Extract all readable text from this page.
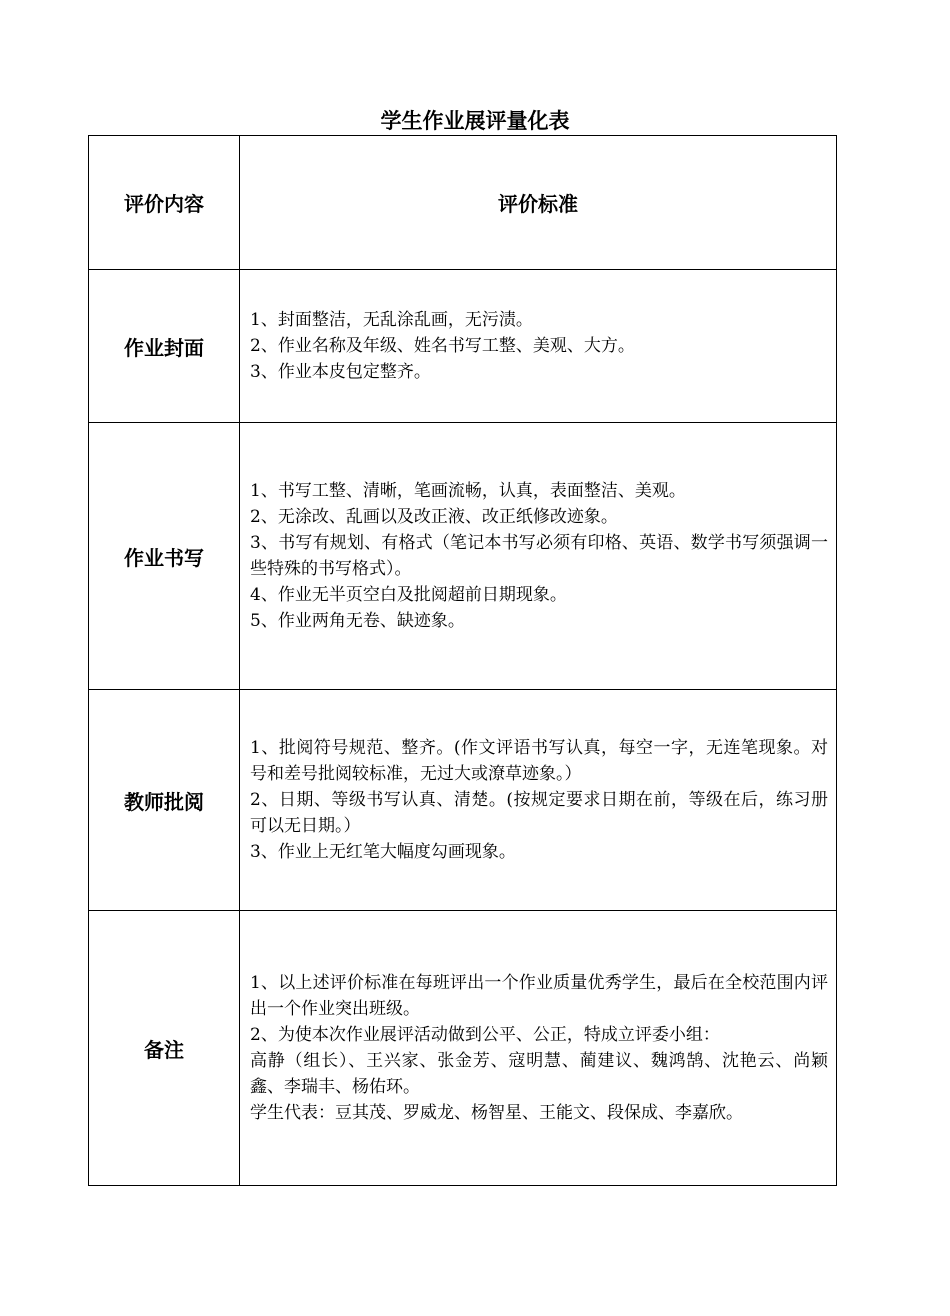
学生作业展评量化表
评价内容	评价标准
作业封面	1、封面整洁，无乱涂乱画，无污渍。
2、作业名称及年级、姓名书写工整、美观、大方。
3、作业本皮包定整齐。

作业书写	1、书写工整、清晰，笔画流畅，认真，表面整洁、美观。
2、无涂改、乱画以及改正液、改正纸修改迹象。
3、书写有规划、有格式（笔记本书写必须有印格、英语、数学书写须强调一些特殊的书写格式）。
4、作业无半页空白及批阅超前日期现象。
5、作业两角无卷、缺迹象。

教师批阅	1、批阅符号规范、整齐。(作文评语书写认真，每空一字，无连笔现象。对号和差号批阅较标准，无过大或潦草迹象。）
2、日期、等级书写认真、清楚。(按规定要求日期在前，等级在后，练习册可以无日期。）
3、作业上无红笔大幅度勾画现象。

备注	1、以上述评价标准在每班评出一个作业质量优秀学生，最后在全校范围内评出一个作业突出班级。
2、为使本次作业展评活动做到公平、公正，特成立评委小组：
高静（组长）、王兴家、张金芳、寇明慧、蔺建议、魏鸿鹄、沈艳云、尚颖鑫、李瑞丰、杨佑环。
学生代表：豆其茂、罗威龙、杨智星、王能文、段保成、李嘉欣。
